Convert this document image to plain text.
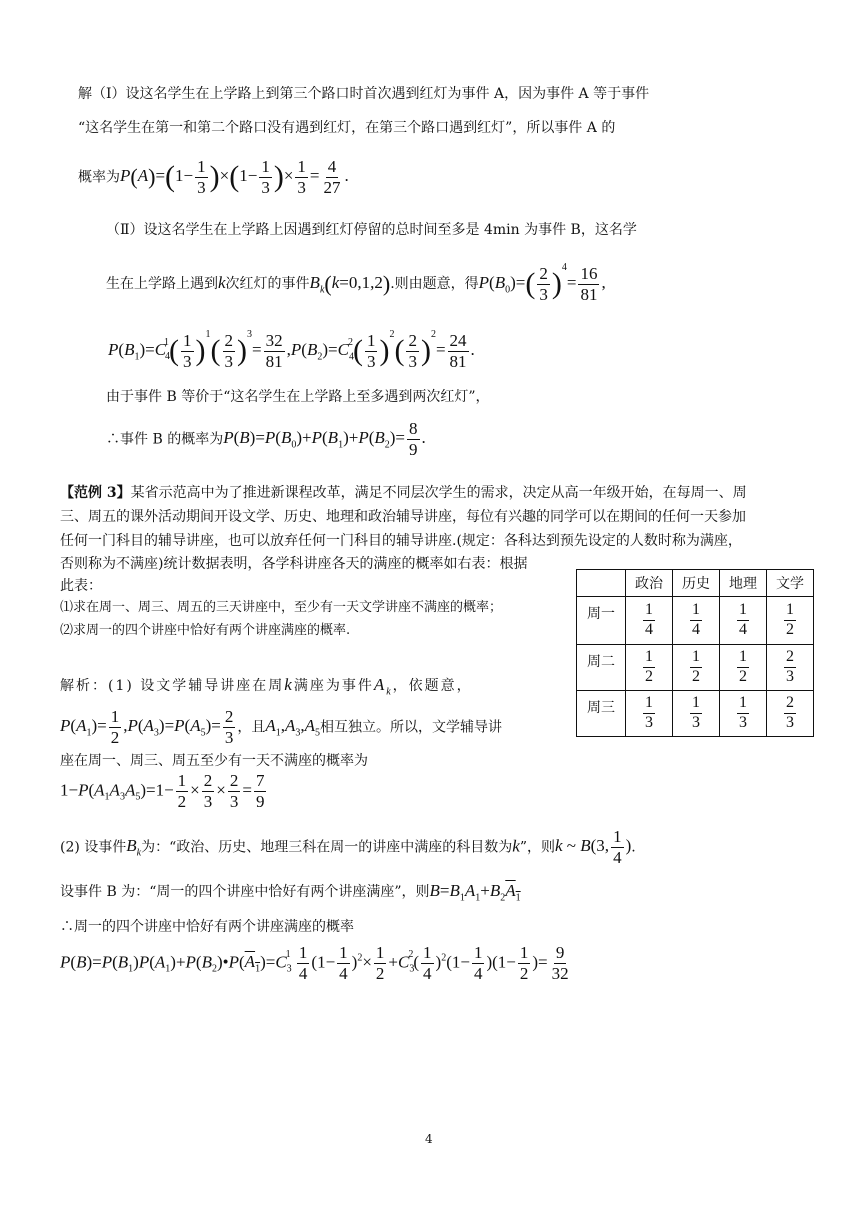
解（Ⅰ）设这名学生在上学路上到第三个路口时首次遇到红灯为事件 A，因为事件 A 等于事件
“这名学生在第一和第二个路口没有遇到红灯，在第三个路口遇到红灯”，所以事件 A 的
概率为$P(A)=(1- \frac{1}{3} )\times(1- \frac{1}{3}$ )× $\frac{1}{3} = \frac{4}{27}$ .
（Ⅱ）设这名学生在上学路上因遇到红灯停留的总时间至多是 4min 为事件 B，这名学
生在上学路上遇到k次红灯的事件$B_k(k=0,1,2)$.则由题意，得$P(B_0)=( \frac{2}{3} )^4= \frac{16}{81}$ ,
$P(B_1)=C_4^1( \frac{1}{3} )^1( \frac{2}{3} )^3= \frac{32}{81} ,P(B_2)=C_4^2( \frac{1}{3} )^2( \frac{2}{3} )^2= \frac{24}{81}$ .
由于事件 B 等价于“这名学生在上学路上至多遇到两次红灯”，
∴事件 B 的概率为$P(B)=P(B_0)+P(B_1)+P(B_2)= \frac{8}{9}$ .
【范例 3】某省示范高中为了推进新课程改革，满足不同层次学生的需求，决定从高一年级开始，在每周一、周
三、周五的课外活动期间开设文学、历史、地理和政治辅导讲座，每位有兴趣的同学可以在期间的任何一天参加
任何一门科目的辅导讲座，也可以放弃任何一门科目的辅导讲座.(规定：各科达到预先设定的人数时称为满座，
否则称为不满座)统计数据表明，各学科讲座各天的满座的概率如右表：根据
此表：
⑴求在周一、周三、周五的三天讲座中，至少有一天文学讲座不满座的概率；
⑵求周一的四个讲座中恰好有两个讲座满座的概率.
	政治	历史	地理	文学
周一	$\frac{1}{4}$	$\frac{1}{4}$	$\frac{1}{4}$	$\frac{1}{2}$

周二	$\frac{1}{2}$	$\frac{1}{2}$	$\frac{1}{2}$	$\frac{2}{3}$

周三	$\frac{1}{3}$	$\frac{1}{3}$	$\frac{1}{3}$	$\frac{2}{3}$
解析：(1) 设文学辅导讲座在周k满座为事件$A_k$，依题意，
$P(A_1)= \frac{1}{2} ,P(A_3)=P(A_5)= \frac{2}{3}$ ，且$A_1,A_3,A_5$相互独立。所以，文学辅导讲
座在周一、周三、周五至少有一天不满座的概率为
$1-P(A_1A_3A_5)=1- \frac{1}{2} \times \frac{2}{3} \times \frac{2}{3} = \frac{7}{9}$
(2) 设事件$B_k$为：“政治、历史、地理三科在周一的讲座中满座的科目数为k”，则k ~ B(3, $\frac{1}{4}$ ).
设事件 B 为：“周一的四个讲座中恰好有两个讲座满座”，则$B=B_1A_1+B_2A_1$
∴周一的四个讲座中恰好有两个讲座满座的概率
$P(B)=P(B_1)P(A_1)+P(B_2)•P(A_1)=C_3^1 \frac{1}{4} (1- \frac{1}{4} )^2\times \frac{1}{2} +C_3^2( \frac{1}{4} )^2(1- \frac{1}{4} )(1- \frac{1}{2}$ )= $\frac{9}{32}$
4
